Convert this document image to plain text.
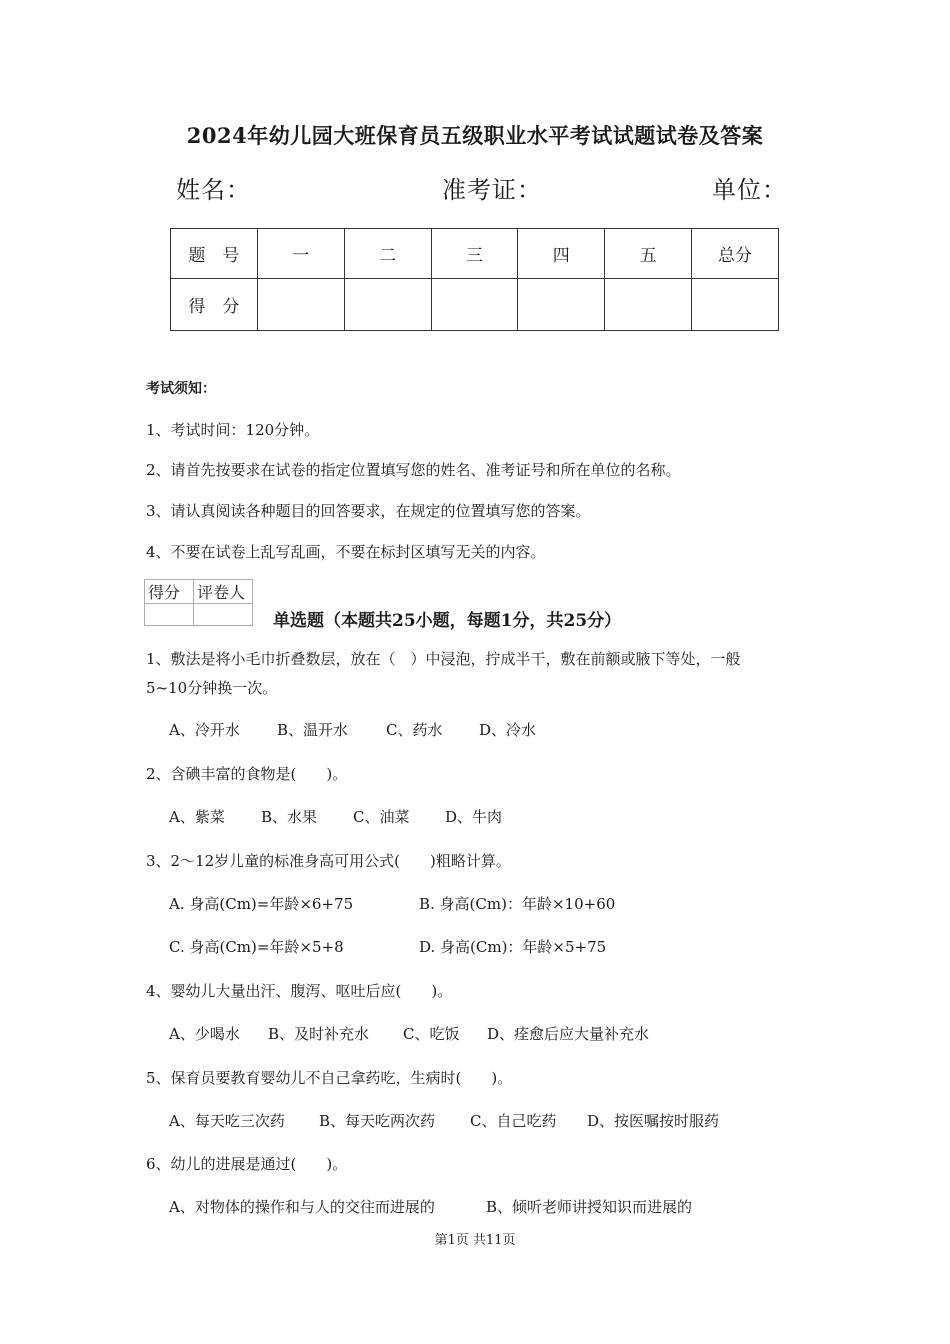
2024年幼儿园大班保育员五级职业水平考试试题试卷及答案
姓名：	准考证：	单位：
题　号	一	二	三	四	五	总分
得　分						
考试须知：
1、考试时间：120分钟。
2、请首先按要求在试卷的指定位置填写您的姓名、准考证号和所在单位的名称。
3、请认真阅读各种题目的回答要求，在规定的位置填写您的答案。
4、不要在试卷上乱写乱画，不要在标封区填写无关的内容。
得分	评卷人

单选题（本题共25小题，每题1分，共25分）
1、敷法是将小毛巾折叠数层，放在（　）中浸泡，拧成半干，敷在前额或腋下等处，一般
5~10分钟换一次。
A、冷开水 B、温开水	C、药水 D、冷水
2、含碘丰富的食物是(　　)。
A、紫菜 B、水果 C、油菜 D、牛肉
3、2～12岁儿童的标准身高可用公式(　　)粗略计算。
A. 身高(Cm)=年龄×6+75	B. 身高(Cm)：年龄×10+60
C. 身高(Cm)=年龄×5+8	D. 身高(Cm)：年龄×5+75
4、婴幼儿大量出汗、腹泻、呕吐后应(　　)。
A、少喝水 B、及时补充水 C、吃饭 D、痊愈后应大量补充水
5、保育员要教育婴幼儿不自己拿药吃，生病时(　　)。
A、每天吃三次药 B、每天吃两次药 C、自己吃药 D、按医嘱按时服药
6、幼儿的进展是通过(　　)。
A、对物体的操作和与人的交往而进展的	B、倾听老师讲授知识而进展的
第1页 共11页
